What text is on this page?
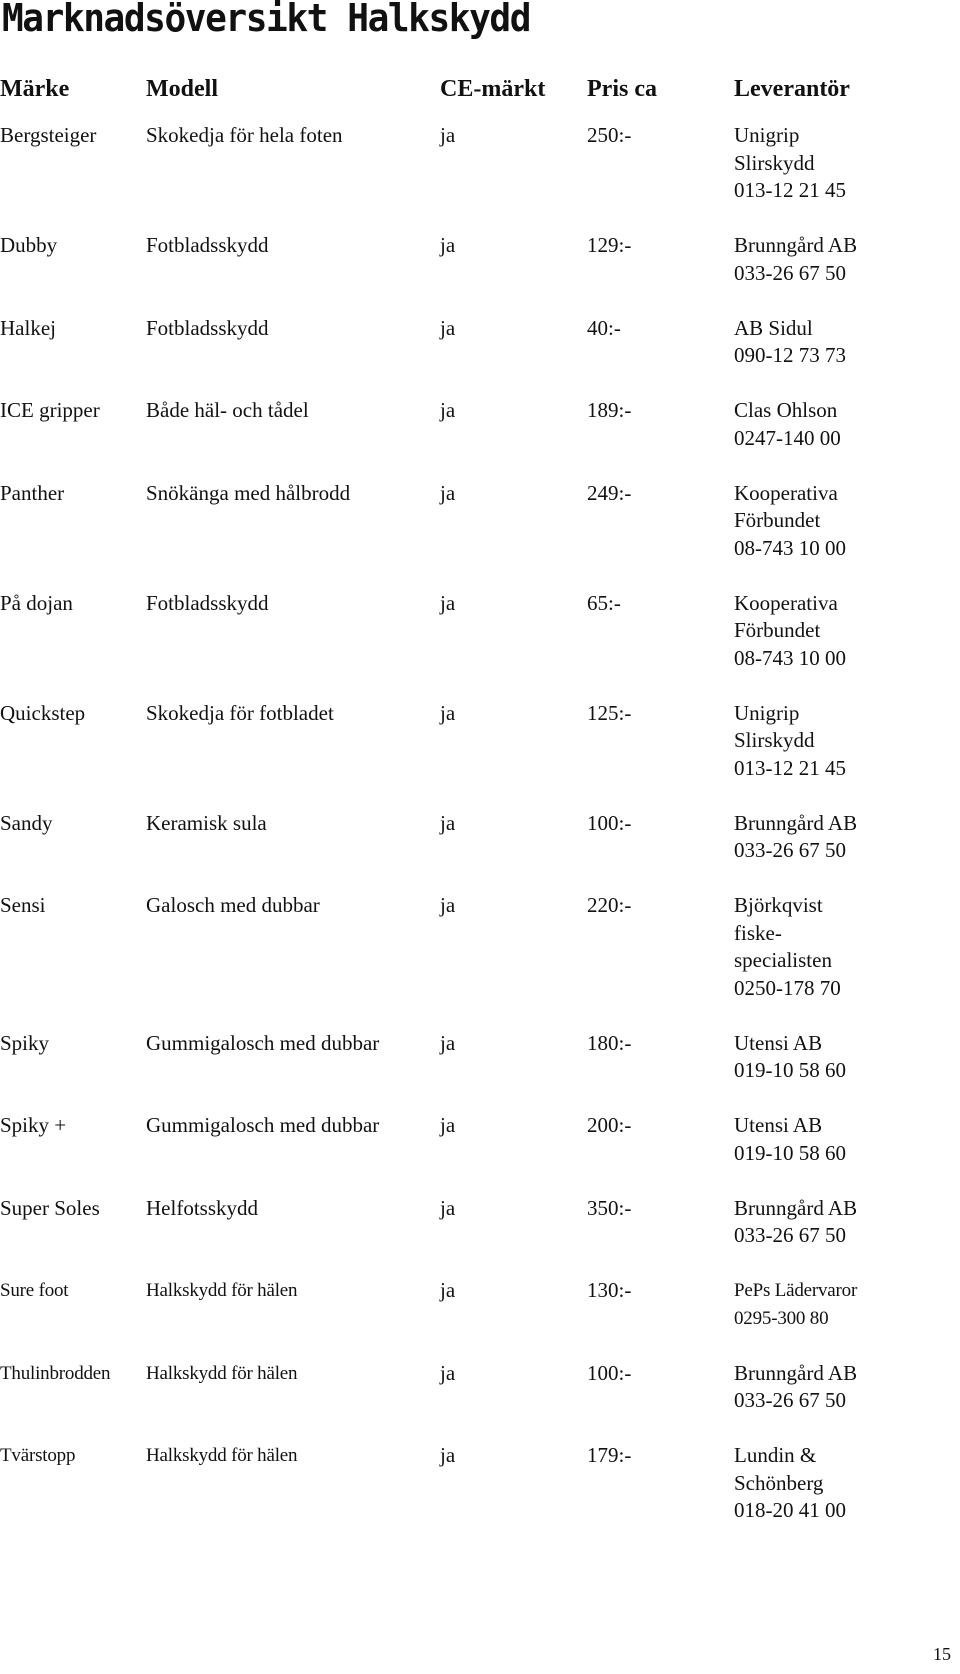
Marknadsöversikt Halkskydd
Märke	Modell	CE-märkt	Pris ca	Leverantör
Bergsteiger	Skokedja för hela foten	ja	250:-	Unigrip
Slirskydd
013-12 21 45

Dubby	Fotbladsskydd	ja	129:-	Brunngård AB
033-26 67 50

Halkej	Fotbladsskydd	ja	40:-	AB Sidul
090-12 73 73

ICE gripper	Både häl- och tådel	ja	189:-	Clas Ohlson
0247-140 00

Panther	Snökänga med hålbrodd	ja	249:-	Kooperativa
Förbundet
08-743 10 00

På dojan	Fotbladsskydd	ja	65:-	Kooperativa
Förbundet
08-743 10 00

Quickstep	Skokedja för fotbladet	ja	125:-	Unigrip
Slirskydd
013-12 21 45

Sandy	Keramisk sula	ja	100:-	Brunngård AB
033-26 67 50

Sensi	Galosch med dubbar	ja	220:-	Björkqvist
fiske-
specialisten
0250-178 70

Spiky	Gummigalosch med dubbar	ja	180:-	Utensi AB
019-10 58 60

Spiky +	Gummigalosch med dubbar	ja	200:-	Utensi AB
019-10 58 60

Super Soles	Helfotsskydd	ja	350:-	Brunngård AB
033-26 67 50

Sure foot	Halkskydd för hälen	ja	130:-	PePs Lädervaror
0295-300 80

Thulinbrodden	Halkskydd för hälen	ja	100:-	Brunngård AB
033-26 67 50

Tvärstopp	Halkskydd för hälen	ja	179:-	Lundin &
Schönberg
018-20 41 00
15
